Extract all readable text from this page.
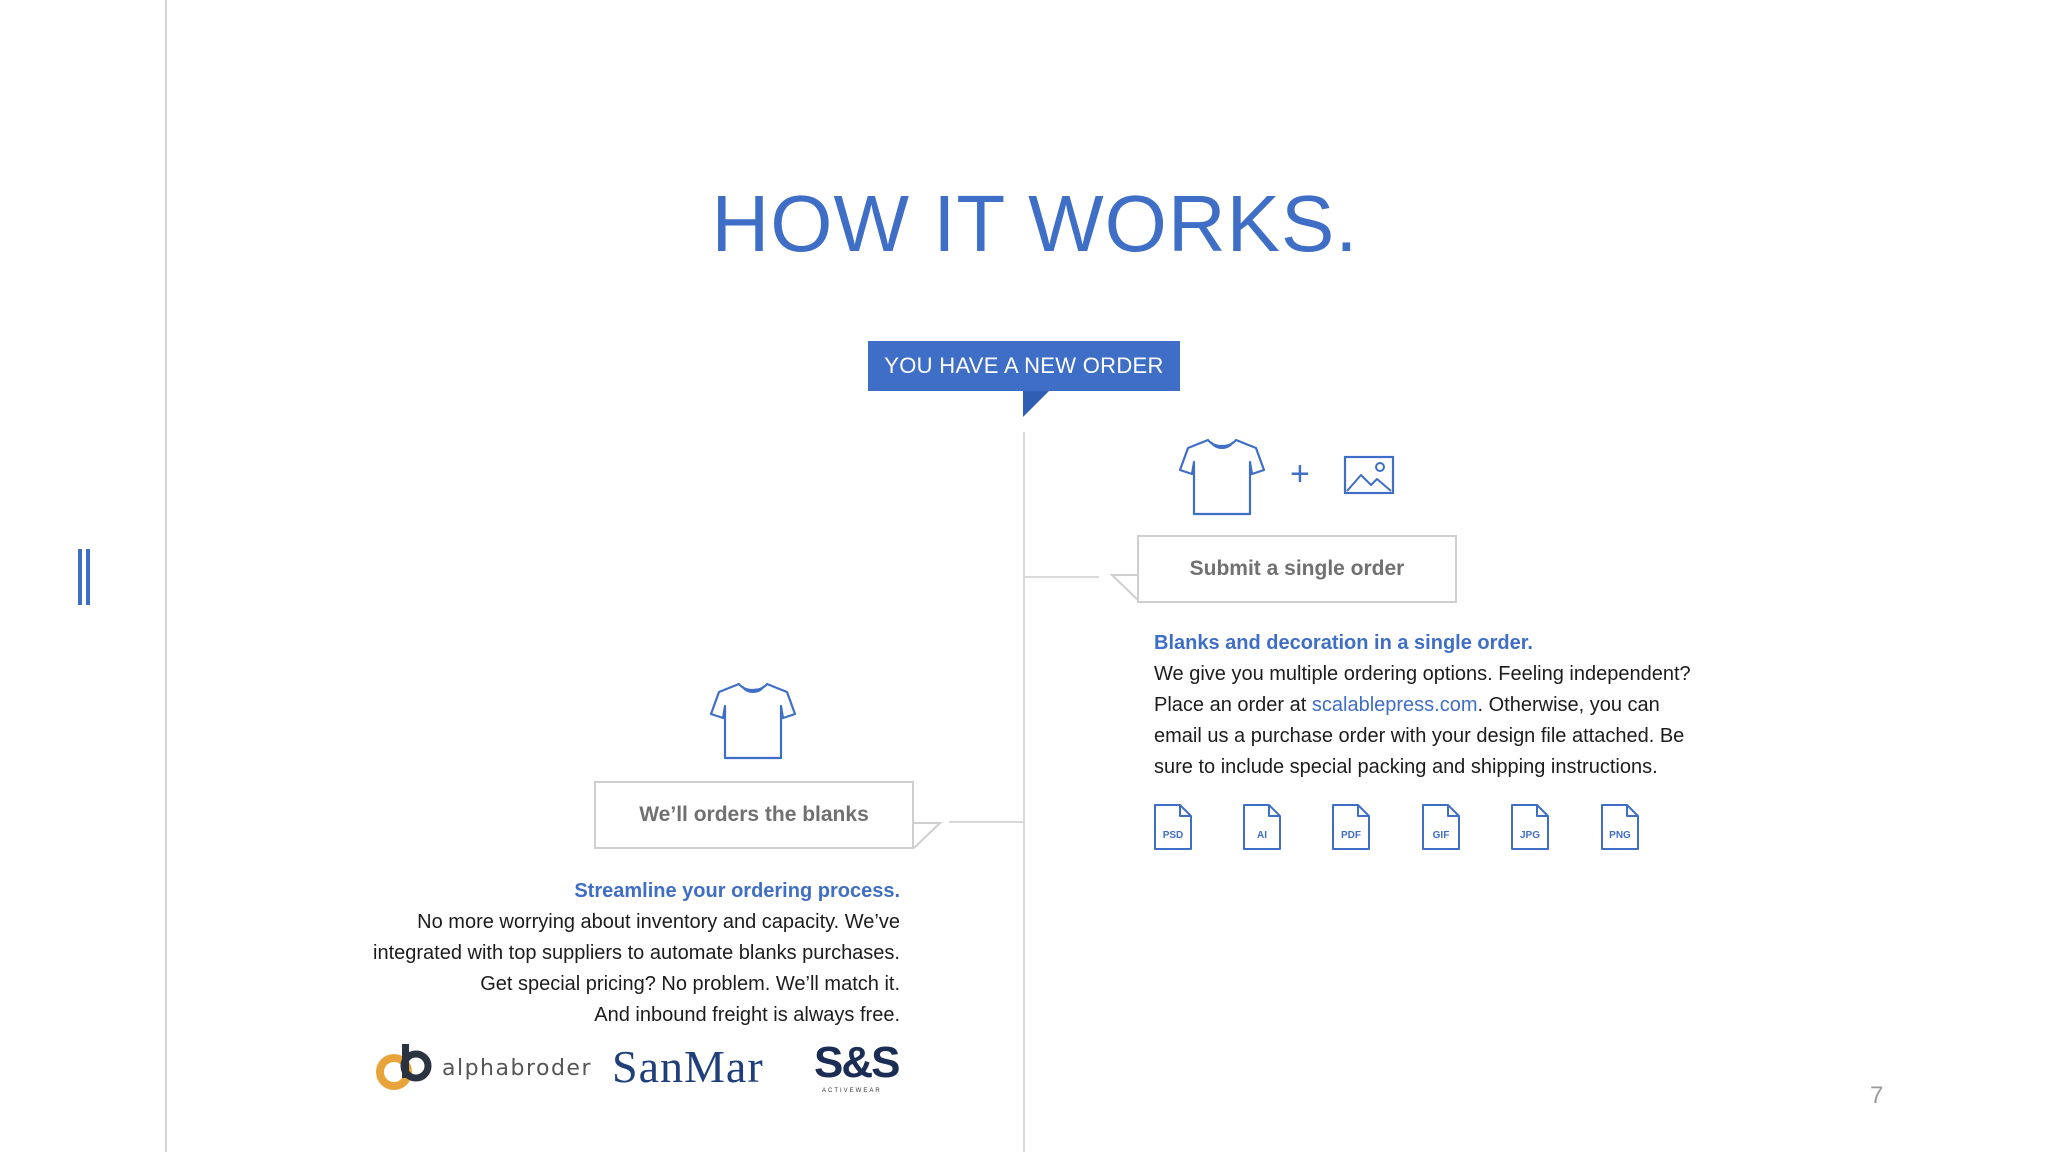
HOW IT WORKS.
YOU HAVE A NEW ORDER
+
Submit a single order
Blanks and decoration in a single order.
We give you multiple ordering options. Feeling independent?
Place an order at scalablepress.com. Otherwise, you can
email us a purchase order with your design file attached. Be
sure to include special packing and shipping instructions.
PSD	AI	PDF	GIF	JPG	PNG
We’ll orders the blanks
Streamline your ordering process.
No more worrying about inventory and capacity. We’ve
integrated with top suppliers to automate blanks purchases.
Get special pricing? No problem. We’ll match it.
And inbound freight is always free.
alphabroder SanMar S&S
ACTIVEWEAR	7
